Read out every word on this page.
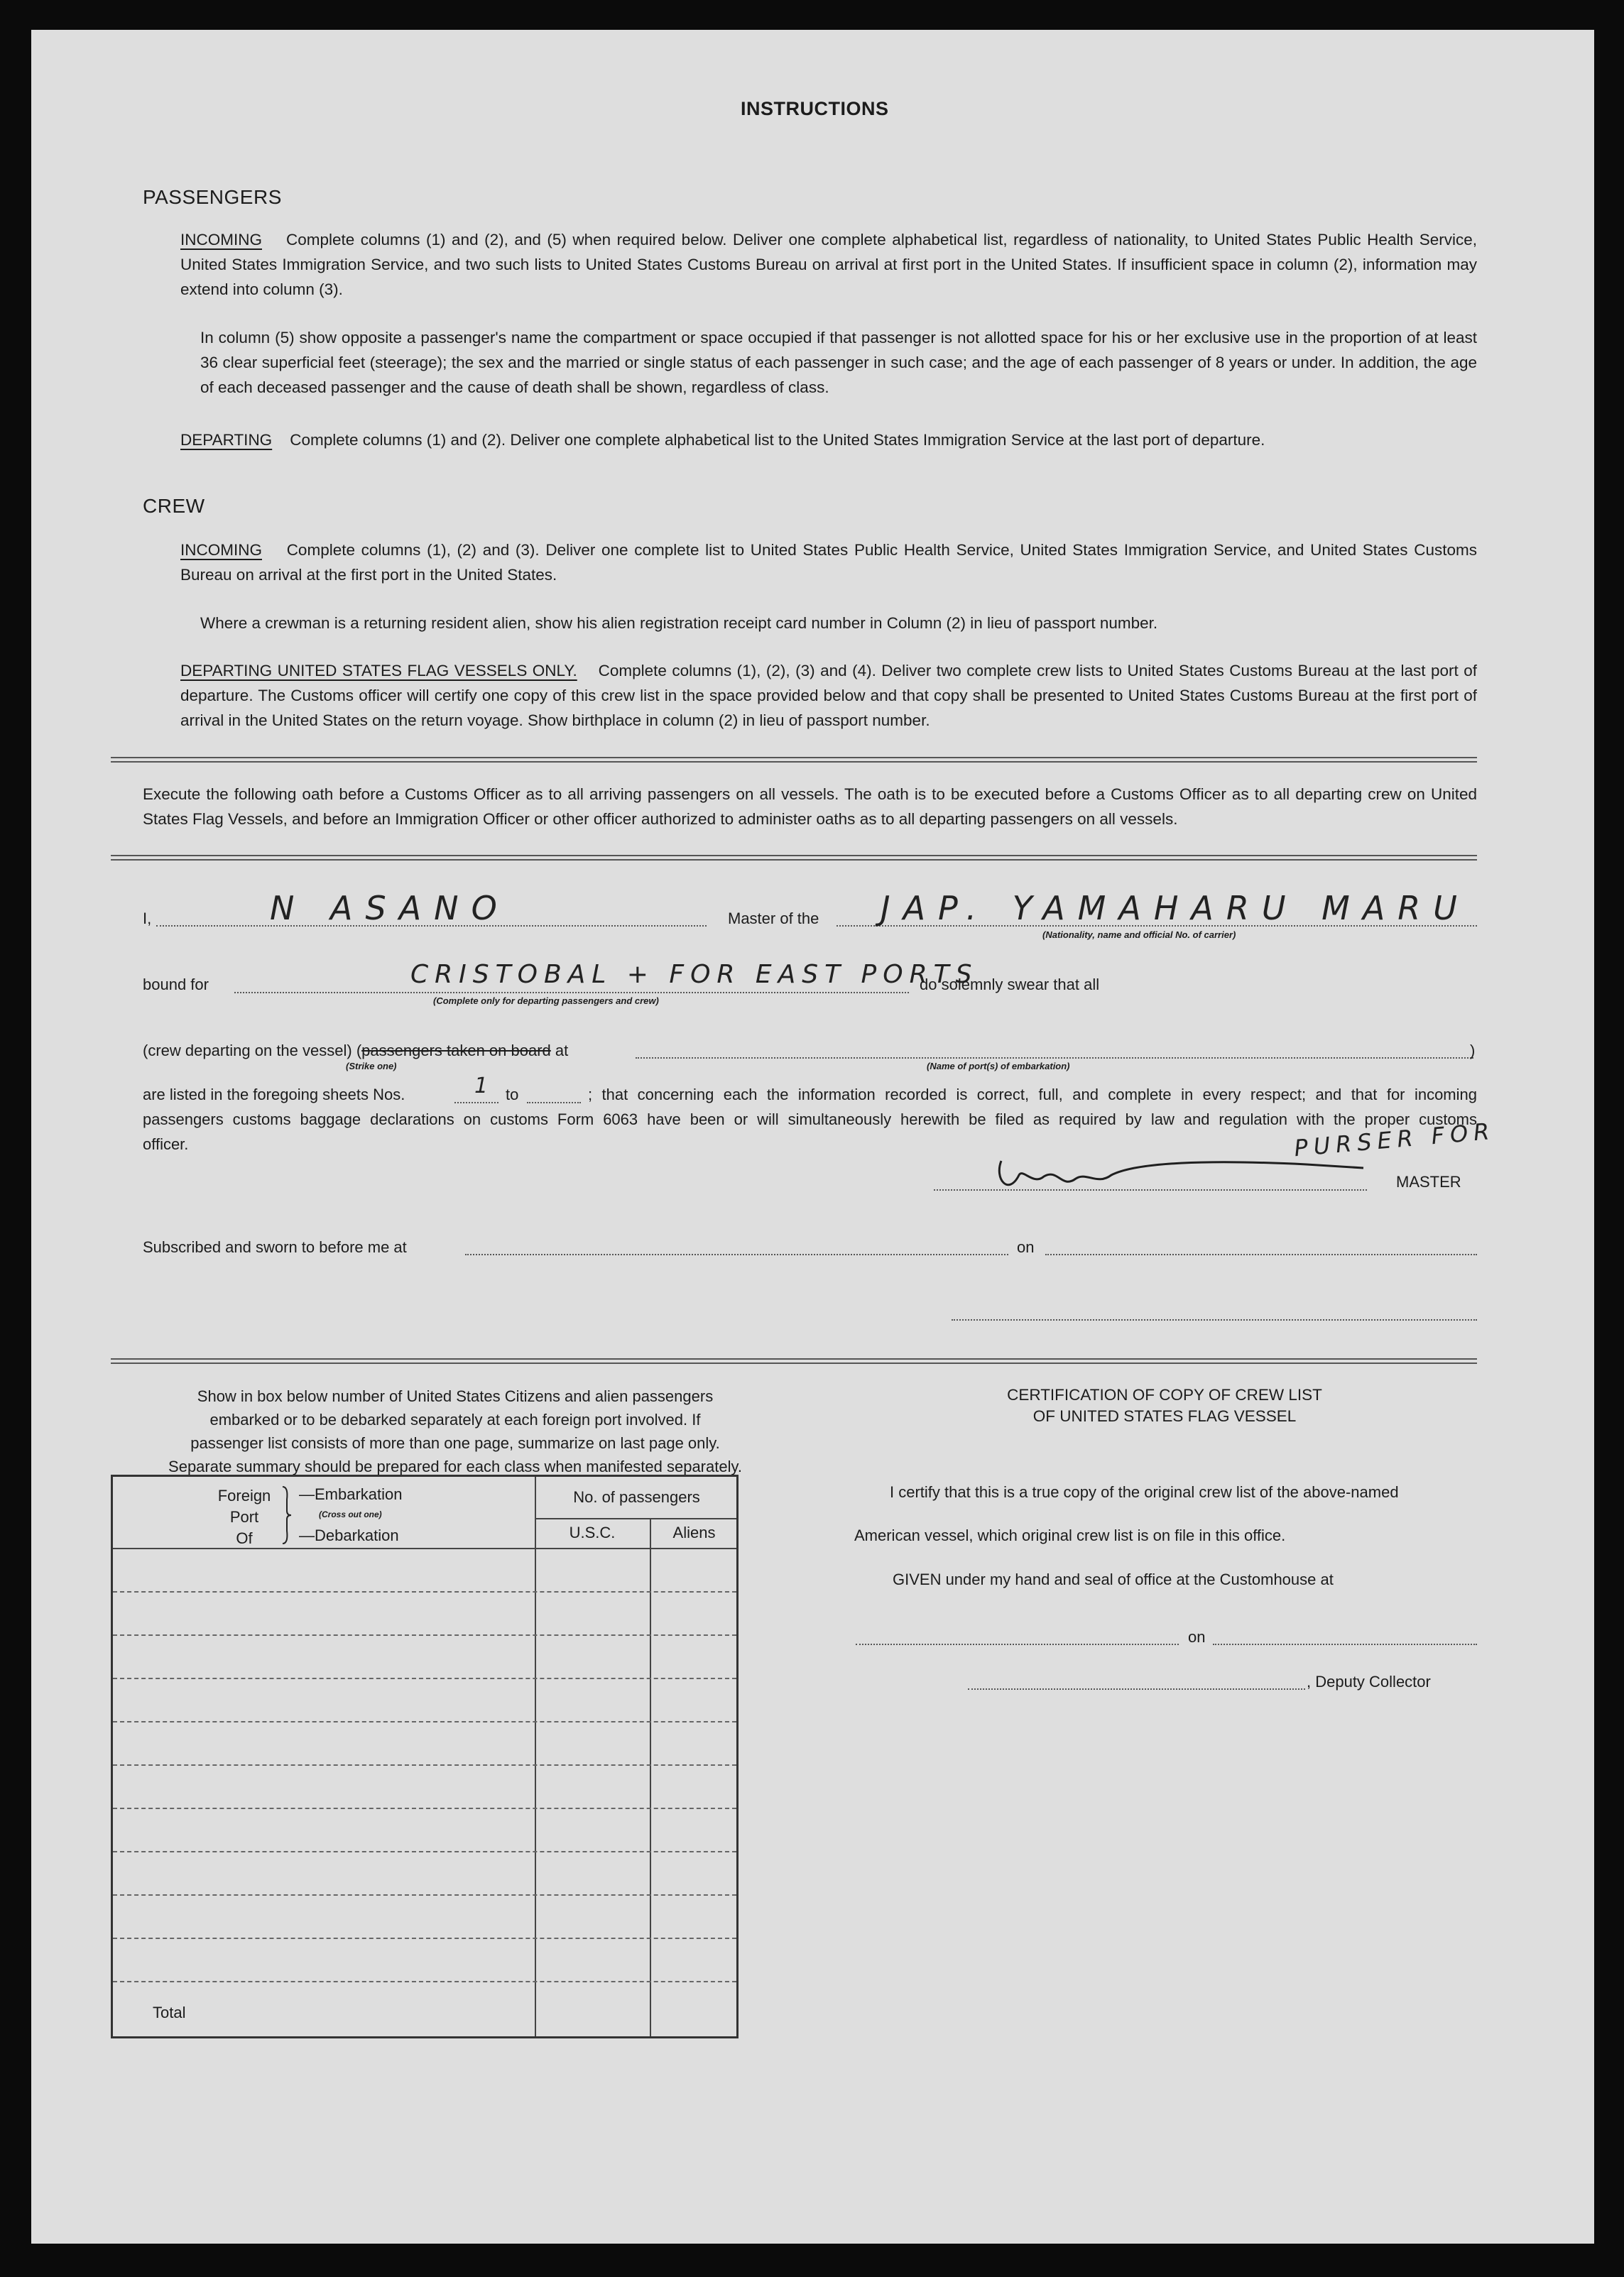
INSTRUCTIONS
PASSENGERS
INCOMING Complete columns (1) and (2), and (5) when required below. Deliver one complete alphabetical list, regardless of nationality, to United States Public Health Service, United States Immigration Service, and two such lists to United States Customs Bureau on arrival at first port in the United States. If insufficient space in column (2), information may extend into column (3).
In column (5) show opposite a passenger's name the compartment or space occupied if that passenger is not allotted space for his or her exclusive use in the proportion of at least 36 clear superficial feet (steerage); the sex and the married or single status of each passenger in such case; and the age of each passenger of 8 years or under. In addition, the age of each deceased passenger and the cause of death shall be shown, regardless of class.
DEPARTING Complete columns (1) and (2). Deliver one complete alphabetical list to the United States Immigration Service at the last port of departure.
CREW
INCOMING Complete columns (1), (2) and (3). Deliver one complete list to United States Public Health Service, United States Immigration Service, and United States Customs Bureau on arrival at the first port in the United States.
Where a crewman is a returning resident alien, show his alien registration receipt card number in Column (2) in lieu of passport number.
DEPARTING UNITED STATES FLAG VESSELS ONLY. Complete columns (1), (2), (3) and (4). Deliver two complete crew lists to United States Customs Bureau at the last port of departure. The Customs officer will certify one copy of this crew list in the space provided below and that copy shall be presented to United States Customs Bureau at the first port of arrival in the United States on the return voyage. Show birthplace in column (2) in lieu of passport number.
Execute the following oath before a Customs Officer as to all arriving passengers on all vessels. The oath is to be executed before a Customs Officer as to all departing crew on United States Flag Vessels, and before an Immigration Officer or other officer authorized to administer oaths as to all departing passengers on all vessels.
I,	N ASANO	Master of the JAP. YAMAHARU MARU
(Nationality, name and official No. of carrier)
bound for	CRISTOBAL + FOR EAST PORTS
(Complete only for departing passengers and crew)
do solemnly swear that all
(crew departing on the vessel) (passengers taken on board at	)
(Strike one)	(Name of port(s) of embarkation)
are listed in the foregoing sheets Nos.	1 to	; that concerning each the information recorded is correct, full, and complete in every respect; and that for incoming
passengers customs baggage declarations on customs Form 6063 have been or will simultaneously herewith be filed as required by law and regulation with the proper customs
officer.	PURSER FOR
MASTER
Subscribed and sworn to before me at	on
Show in box below number of United States Citizens and alien passengers
embarked or to be debarked separately at each foreign port involved. If
passenger list consists of more than one page, summarize on last page only.
Separate summary should be prepared for each class when manifested separately.
Foreign
Port
Of
—Embarkation
(Cross out one)
—Debarkation
No. of passengers
U.S.C.	Aliens
Total
CERTIFICATION OF COPY OF CREW LIST
OF UNITED STATES FLAG VESSEL
I certify that this is a true copy of the original crew list of the above-named
American vessel, which original crew list is on file in this office.
GIVEN under my hand and seal of office at the Customhouse at
on
, Deputy Collector
